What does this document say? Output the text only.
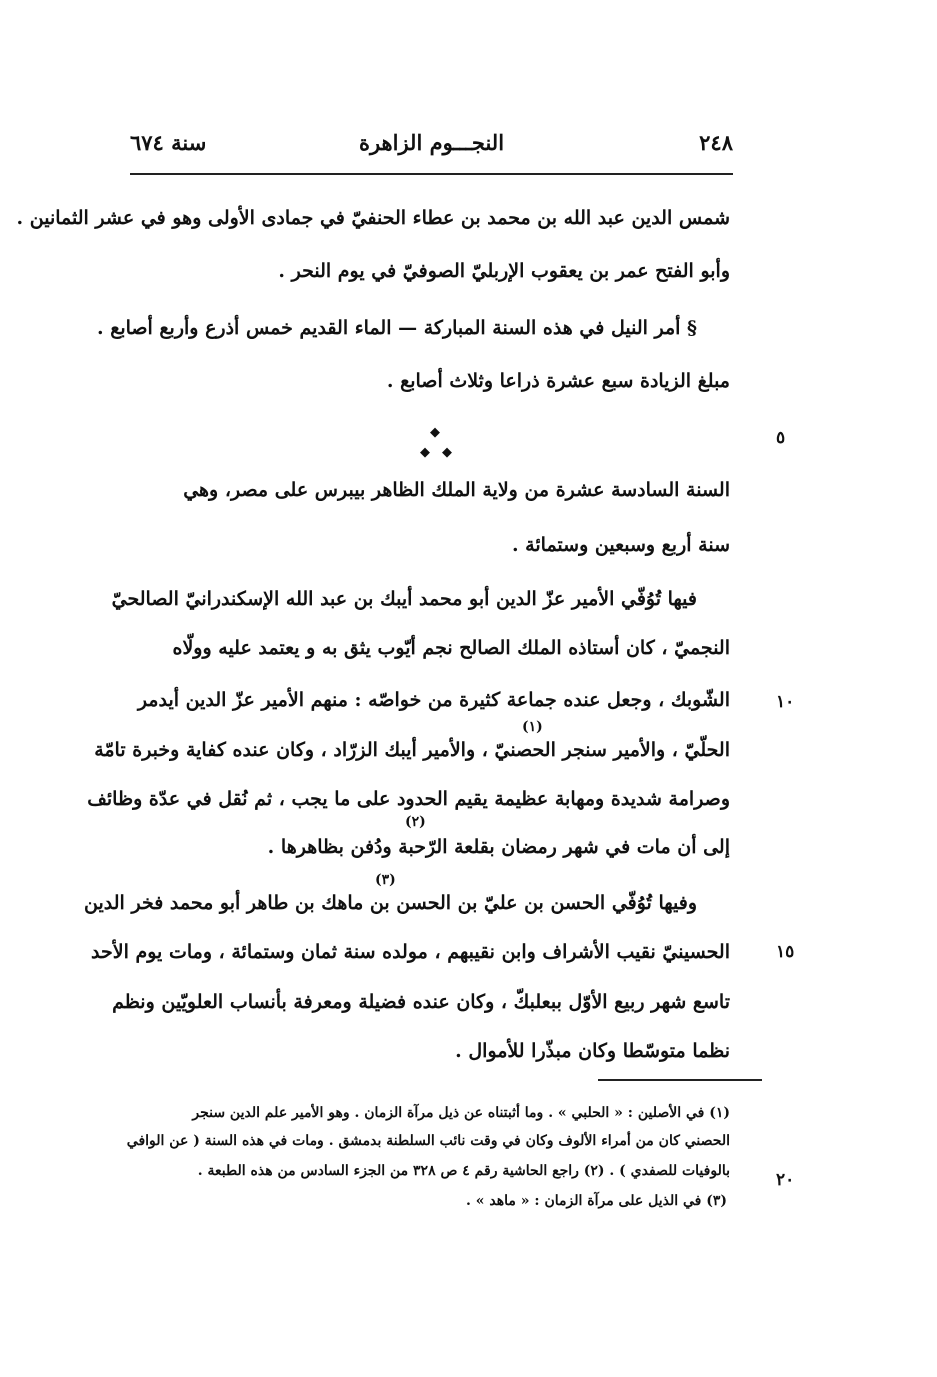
٢٤٨
النجـــوم الزاهرة
سنة ٦٧٤
شمس الدين عبد الله بن محمد بن عطاء الحنفيّ في جمادى الأولى وهو في عشر الثمانين .
وأبو الفتح عمر بن يعقوب الإربليّ الصوفيّ في يوم النحر .
§ أمر النيل في هذه السنة المباركة — الماء القديم خمس أذرع وأربع أصابع .
مبلغ الزيادة سبع عشرة ذراعا وثلاث أصابع .
◆
◆ ◆
٥
السنة السادسة عشرة من ولاية الملك الظاهر بيبرس على مصر، وهي
سنة أربع وسبعين وستمائة .
فيها تُوُفّي الأمير عزّ الدين أبو محمد أيبك بن عبد الله الإسكندرانيّ الصالحيّ
النجميّ ، كان أستاذه الملك الصالح نجم أيّوب يثق به و يعتمد عليه وولّاه
الشّوبك ، وجعل عنده جماعة كثيرة من خواصّه : منهم الأمير عزّ الدين أيدمر	١٠
(١)
الحلّيّ ، والأمير سنجر الحصنيّ ، والأمير أيبك الزرّاد ، وكان عنده كفاية وخبرة تامّة
وصرامة شديدة ومهابة عظيمة يقيم الحدود على ما يجب ، ثم نُقل في عدّة وظائف
(٢)
إلى أن مات في شهر رمضان بقلعة الرّحبة ودُفن بظاهرها .
(٣)
وفيها تُوُفّي الحسن بن عليّ بن الحسن بن ماهك بن طاهر أبو محمد فخر الدين
الحسينيّ نقيب الأشراف وابن نقيبهم ، مولده سنة ثمان وستمائة ، ومات يوم الأحد	١٥
تاسع شهر ربيع الأوّل ببعلبكّ ، وكان عنده فضيلة ومعرفة بأنساب العلويّين ونظم
نظما متوسّطا وكان مبذّرا للأموال .
(١) في الأصلين : « الحلبي » . وما أثبتناه عن ذيل مرآة الزمان . وهو الأمير علم الدين سنجر
الحصني كان من أمراء الألوف وكان في وقت نائب السلطنة بدمشق . ومات في هذه السنة ( عن الوافي
بالوفيات للصفدي ) . (٢) راجع الحاشية رقم ٤ ص ٣٢٨ من الجزء السادس من هذه الطبعة .	٢٠
(٣) في الذيل على مرآة الزمان : « ماهد » .
